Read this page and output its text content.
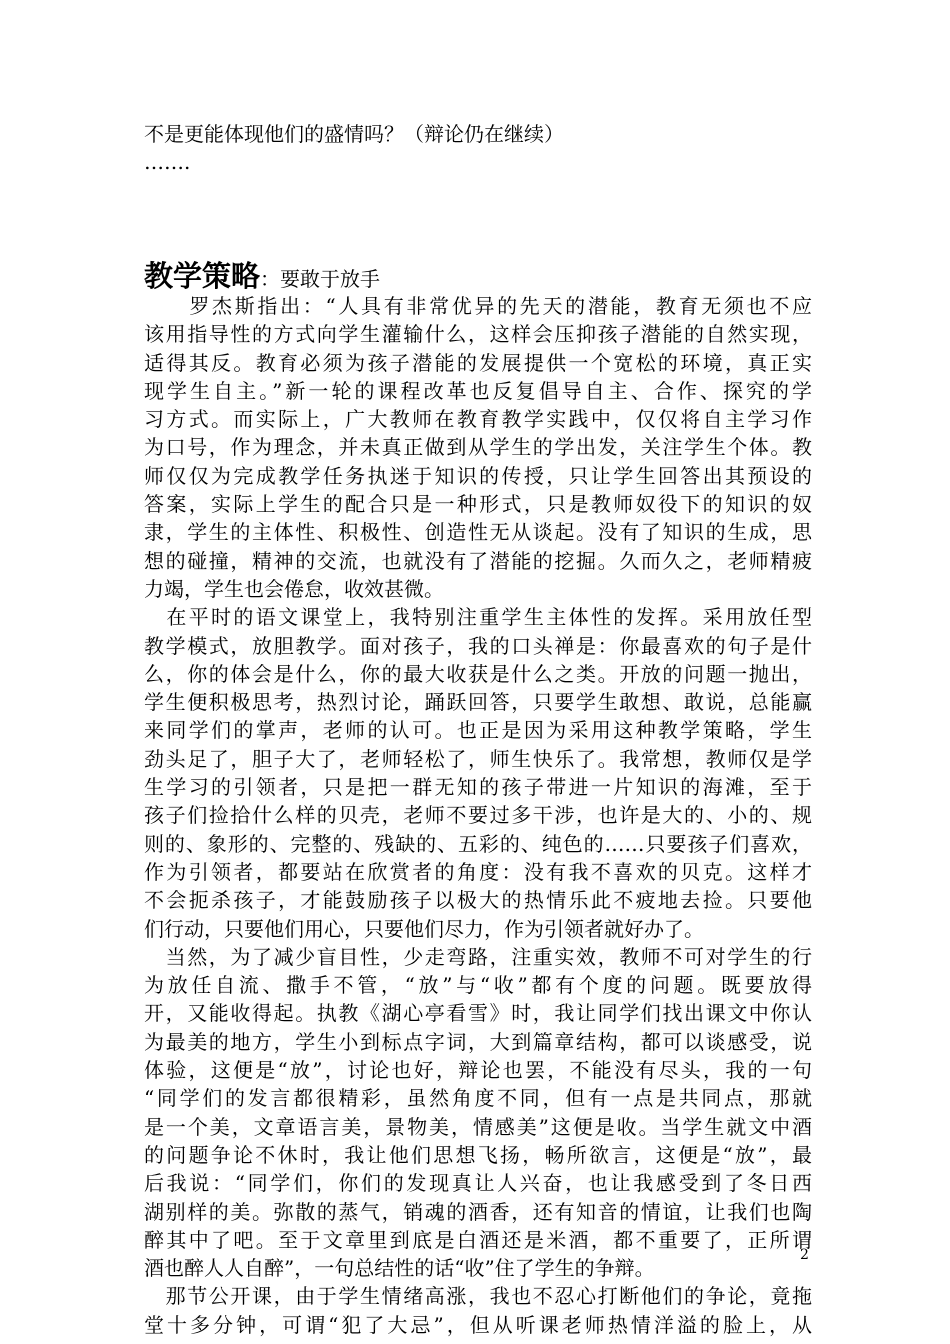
不是更能体现他们的盛情吗？（辩论仍在继续）
…….
教学策略：要敢于放手

　　罗杰斯指出：“人具有非常优异的先天的潜能，教育无须也不应

该用指导性的方式向学生灌输什么，这样会压抑孩子潜能的自然实现，

适得其反。教育必须为孩子潜能的发展提供一个宽松的环境，真正实

现学生自主。”新一轮的课程改革也反复倡导自主、合作、探究的学

习方式。而实际上，广大教师在教育教学实践中，仅仅将自主学习作

为口号，作为理念，并未真正做到从学生的学出发，关注学生个体。教

师仅仅为完成教学任务执迷于知识的传授，只让学生回答出其预设的

答案，实际上学生的配合只是一种形式，只是教师奴役下的知识的奴

隶，学生的主体性、积极性、创造性无从谈起。没有了知识的生成，思

想的碰撞，精神的交流，也就没有了潜能的挖掘。久而久之，老师精疲

力竭，学生也会倦怠，收效甚微。

　在平时的语文课堂上，我特别注重学生主体性的发挥。采用放任型

教学模式，放胆教学。面对孩子，我的口头禅是：你最喜欢的句子是什

么，你的体会是什么，你的最大收获是什么之类。开放的问题一抛出，

学生便积极思考，热烈讨论，踊跃回答，只要学生敢想、敢说，总能赢

来同学们的掌声，老师的认可。也正是因为采用这种教学策略，学生

劲头足了，胆子大了，老师轻松了，师生快乐了。我常想，教师仅是学

生学习的引领者，只是把一群无知的孩子带进一片知识的海滩，至于

孩子们捡拾什么样的贝壳，老师不要过多干涉，也许是大的、小的、规

则的、象形的、完整的、残缺的、五彩的、纯色的……只要孩子们喜欢，

作为引领者，都要站在欣赏者的角度：没有我不喜欢的贝克。这样才

不会扼杀孩子，才能鼓励孩子以极大的热情乐此不疲地去捡。只要他

们行动，只要他们用心，只要他们尽力，作为引领者就好办了。

　当然，为了减少盲目性，少走弯路，注重实效，教师不可对学生的行

为放任自流、撒手不管，“放”与“收”都有个度的问题。既要放得

开，又能收得起。执教《湖心亭看雪》时，我让同学们找出课文中你认

为最美的地方，学生小到标点字词，大到篇章结构，都可以谈感受，说

体验，这便是“放”，讨论也好，辩论也罢，不能没有尽头，我的一句

“同学们的发言都很精彩，虽然角度不同，但有一点是共同点，那就

是一个美，文章语言美，景物美，情感美”这便是收。当学生就文中酒

的问题争论不休时，我让他们思想飞扬，畅所欲言，这便是“放”，最

后我说：“同学们，你们的发现真让人兴奋，也让我感受到了冬日西

湖别样的美。弥散的蒸气，销魂的酒香，还有知音的情谊，让我们也陶

醉其中了吧。至于文章里到底是白酒还是米酒，都不重要了，正所谓

酒也醉人人自醉”，一句总结性的话“收”住了学生的争辩。

　那节公开课，由于学生情绪高涨，我也不忍心打断他们的争论，竟拖

堂十多分钟，可谓“犯了大忌”，但从听课老师热情洋溢的脸上，从

2
